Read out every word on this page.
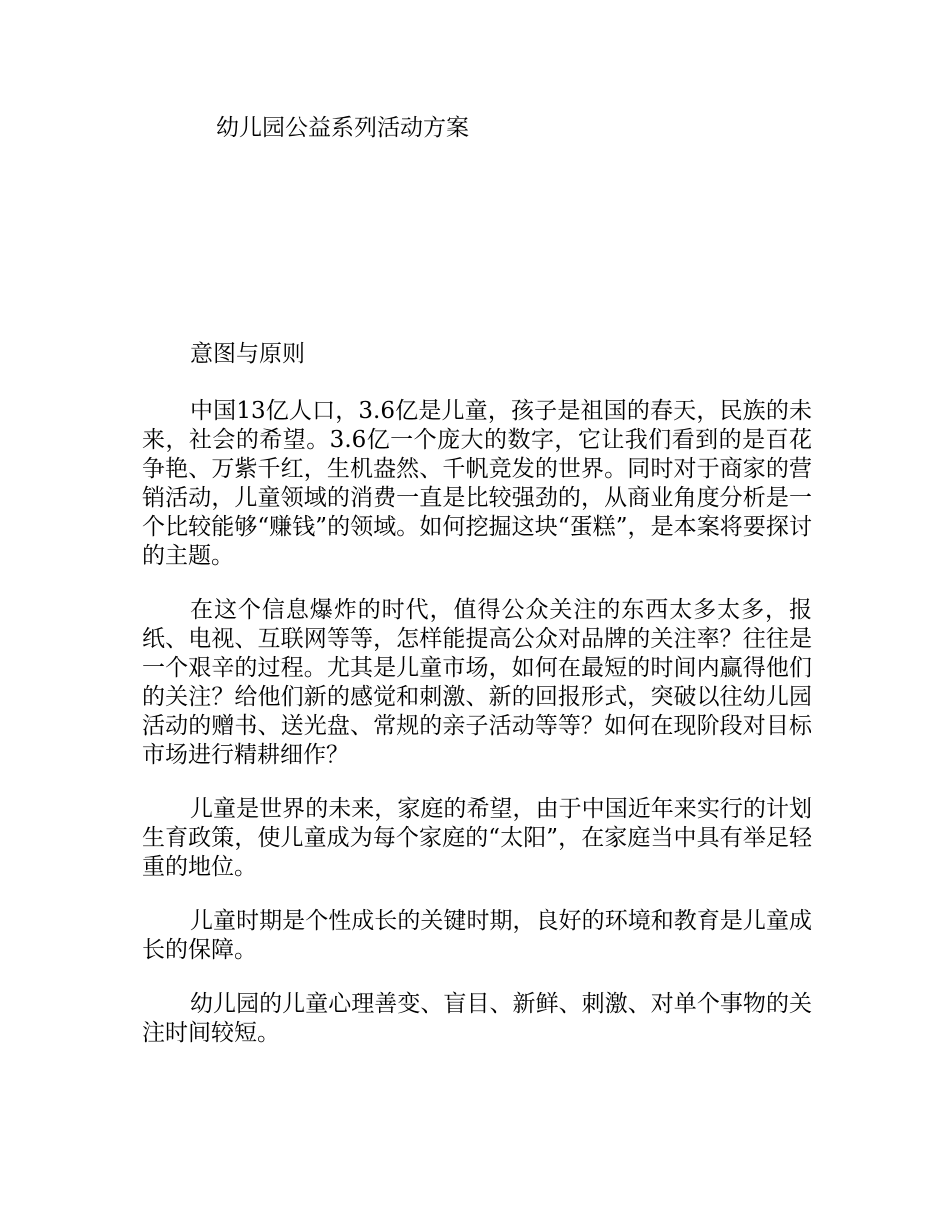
幼儿园公益系列活动方案
意图与原则

中国13亿人口，3.6亿是儿童，孩子是祖国的春天，民族的未来，社会的希望。3.6亿一个庞大的数字，它让我们看到的是百花争艳、万紫千红，生机盎然、千帆竞发的世界。同时对于商家的营销活动，儿童领域的消费一直是比较强劲的，从商业角度分析是一个比较能够“赚钱”的领域。如何挖掘这块“蛋糕”，是本案将要探讨的主题。

在这个信息爆炸的时代，值得公众关注的东西太多太多，报纸、电视、互联网等等，怎样能提高公众对品牌的关注率？往往是一个艰辛的过程。尤其是儿童市场，如何在最短的时间内赢得他们的关注？给他们新的感觉和刺激、新的回报形式，突破以往幼儿园活动的赠书、送光盘、常规的亲子活动等等？如何在现阶段对目标市场进行精耕细作？

儿童是世界的未来，家庭的希望，由于中国近年来实行的计划生育政策，使儿童成为每个家庭的“太阳”，在家庭当中具有举足轻重的地位。

儿童时期是个性成长的关键时期，良好的环境和教育是儿童成长的保障。

幼儿园的儿童心理善变、盲目、新鲜、刺激、对单个事物的关注时间较短。
